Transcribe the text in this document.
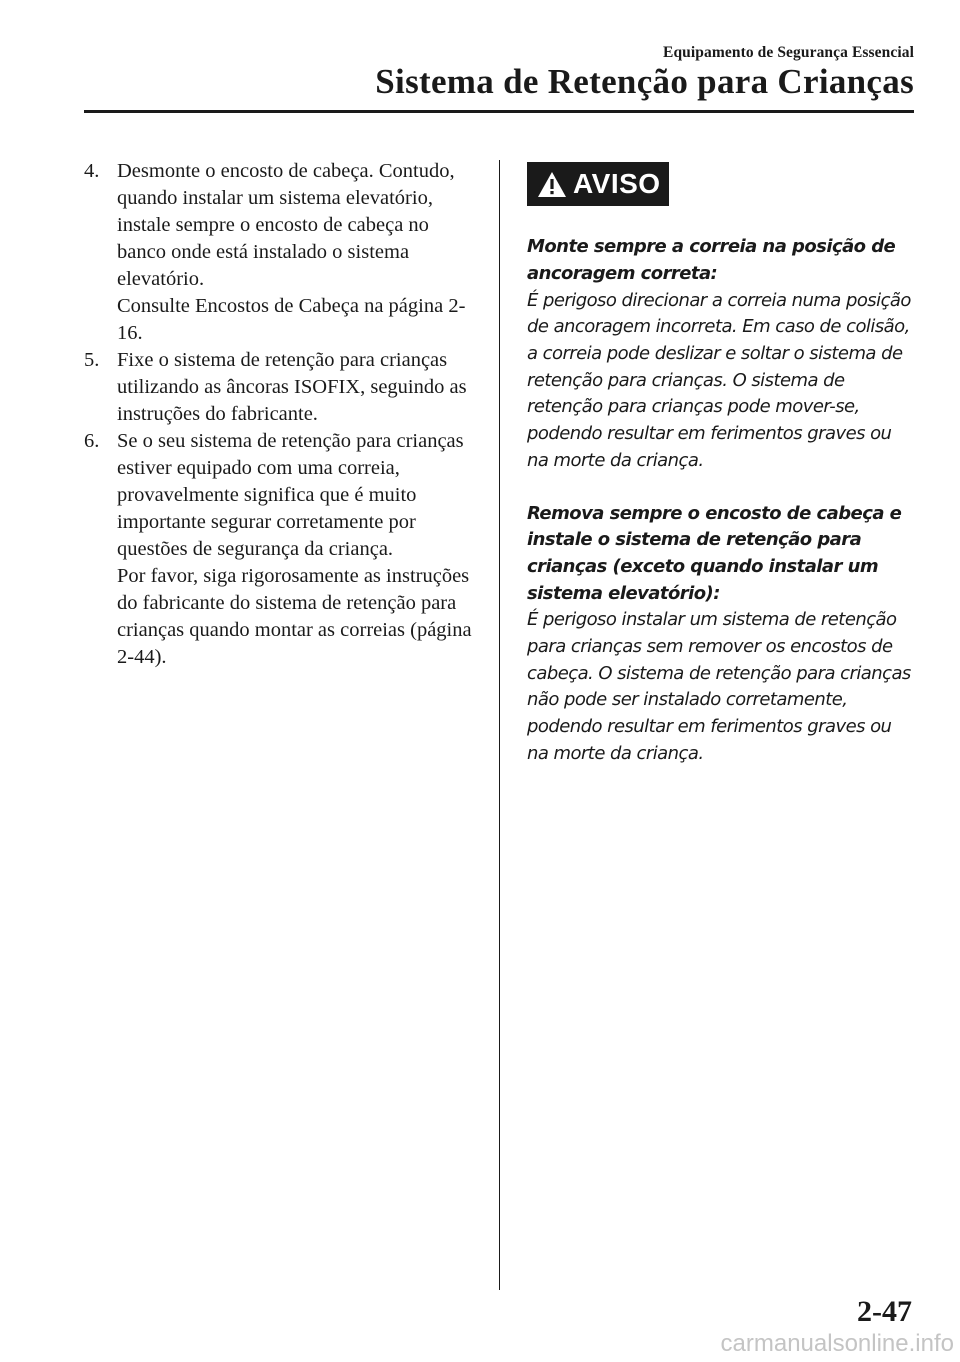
Equipamento de Segurança Essencial
Sistema de Retenção para Crianças
4. Desmonte o encosto de cabeça. Contudo, quando instalar um sistema elevatório, instale sempre o encosto de cabeça no banco onde está instalado o sistema elevatório.

Consulte Encostos de Cabeça na página 2-16.

5. Fixe o sistema de retenção para crianças utilizando as âncoras ISOFIX, seguindo as instruções do fabricante.

6. Se o seu sistema de retenção para crianças estiver equipado com uma correia, provavelmente significa que é muito importante segurar corretamente por questões de segurança da criança.

Por favor, siga rigorosamente as instruções do fabricante do sistema de retenção para crianças quando montar as correias (página 2-44).

AVISO

Monte sempre a correia na posição de ancoragem correta:

É perigoso direcionar a correia numa posição de ancoragem incorreta. Em caso de colisão, a correia pode deslizar e soltar o sistema de retenção para crianças. O sistema de retenção para crianças pode mover-se, podendo resultar em ferimentos graves ou na morte da criança.

Remova sempre o encosto de cabeça e instale o sistema de retenção para crianças (exceto quando instalar um sistema elevatório):

É perigoso instalar um sistema de retenção para crianças sem remover os encostos de cabeça. O sistema de retenção para crianças não pode ser instalado corretamente, podendo resultar em ferimentos graves ou na morte da criança.

2-47
carmanualsonline.info
